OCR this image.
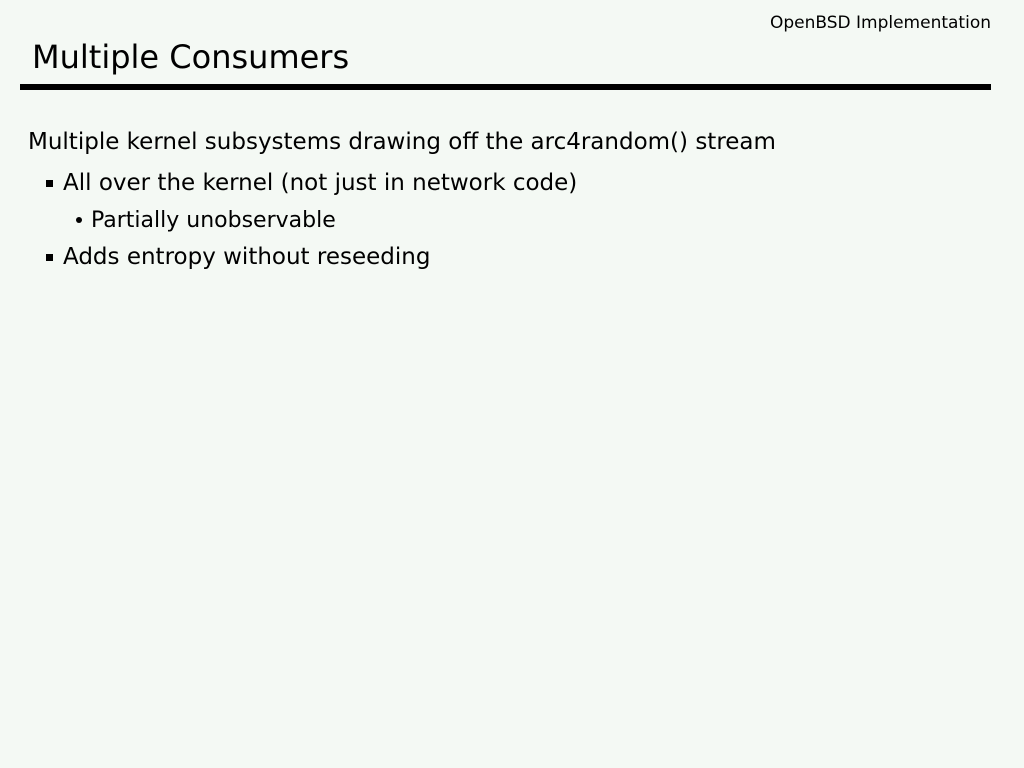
OpenBSD Implementation
Multiple Consumers

Multiple kernel subsystems drawing off the arc4random() stream

All over the kernel (not just in network code)
Partially unobservable
Adds entropy without reseeding
